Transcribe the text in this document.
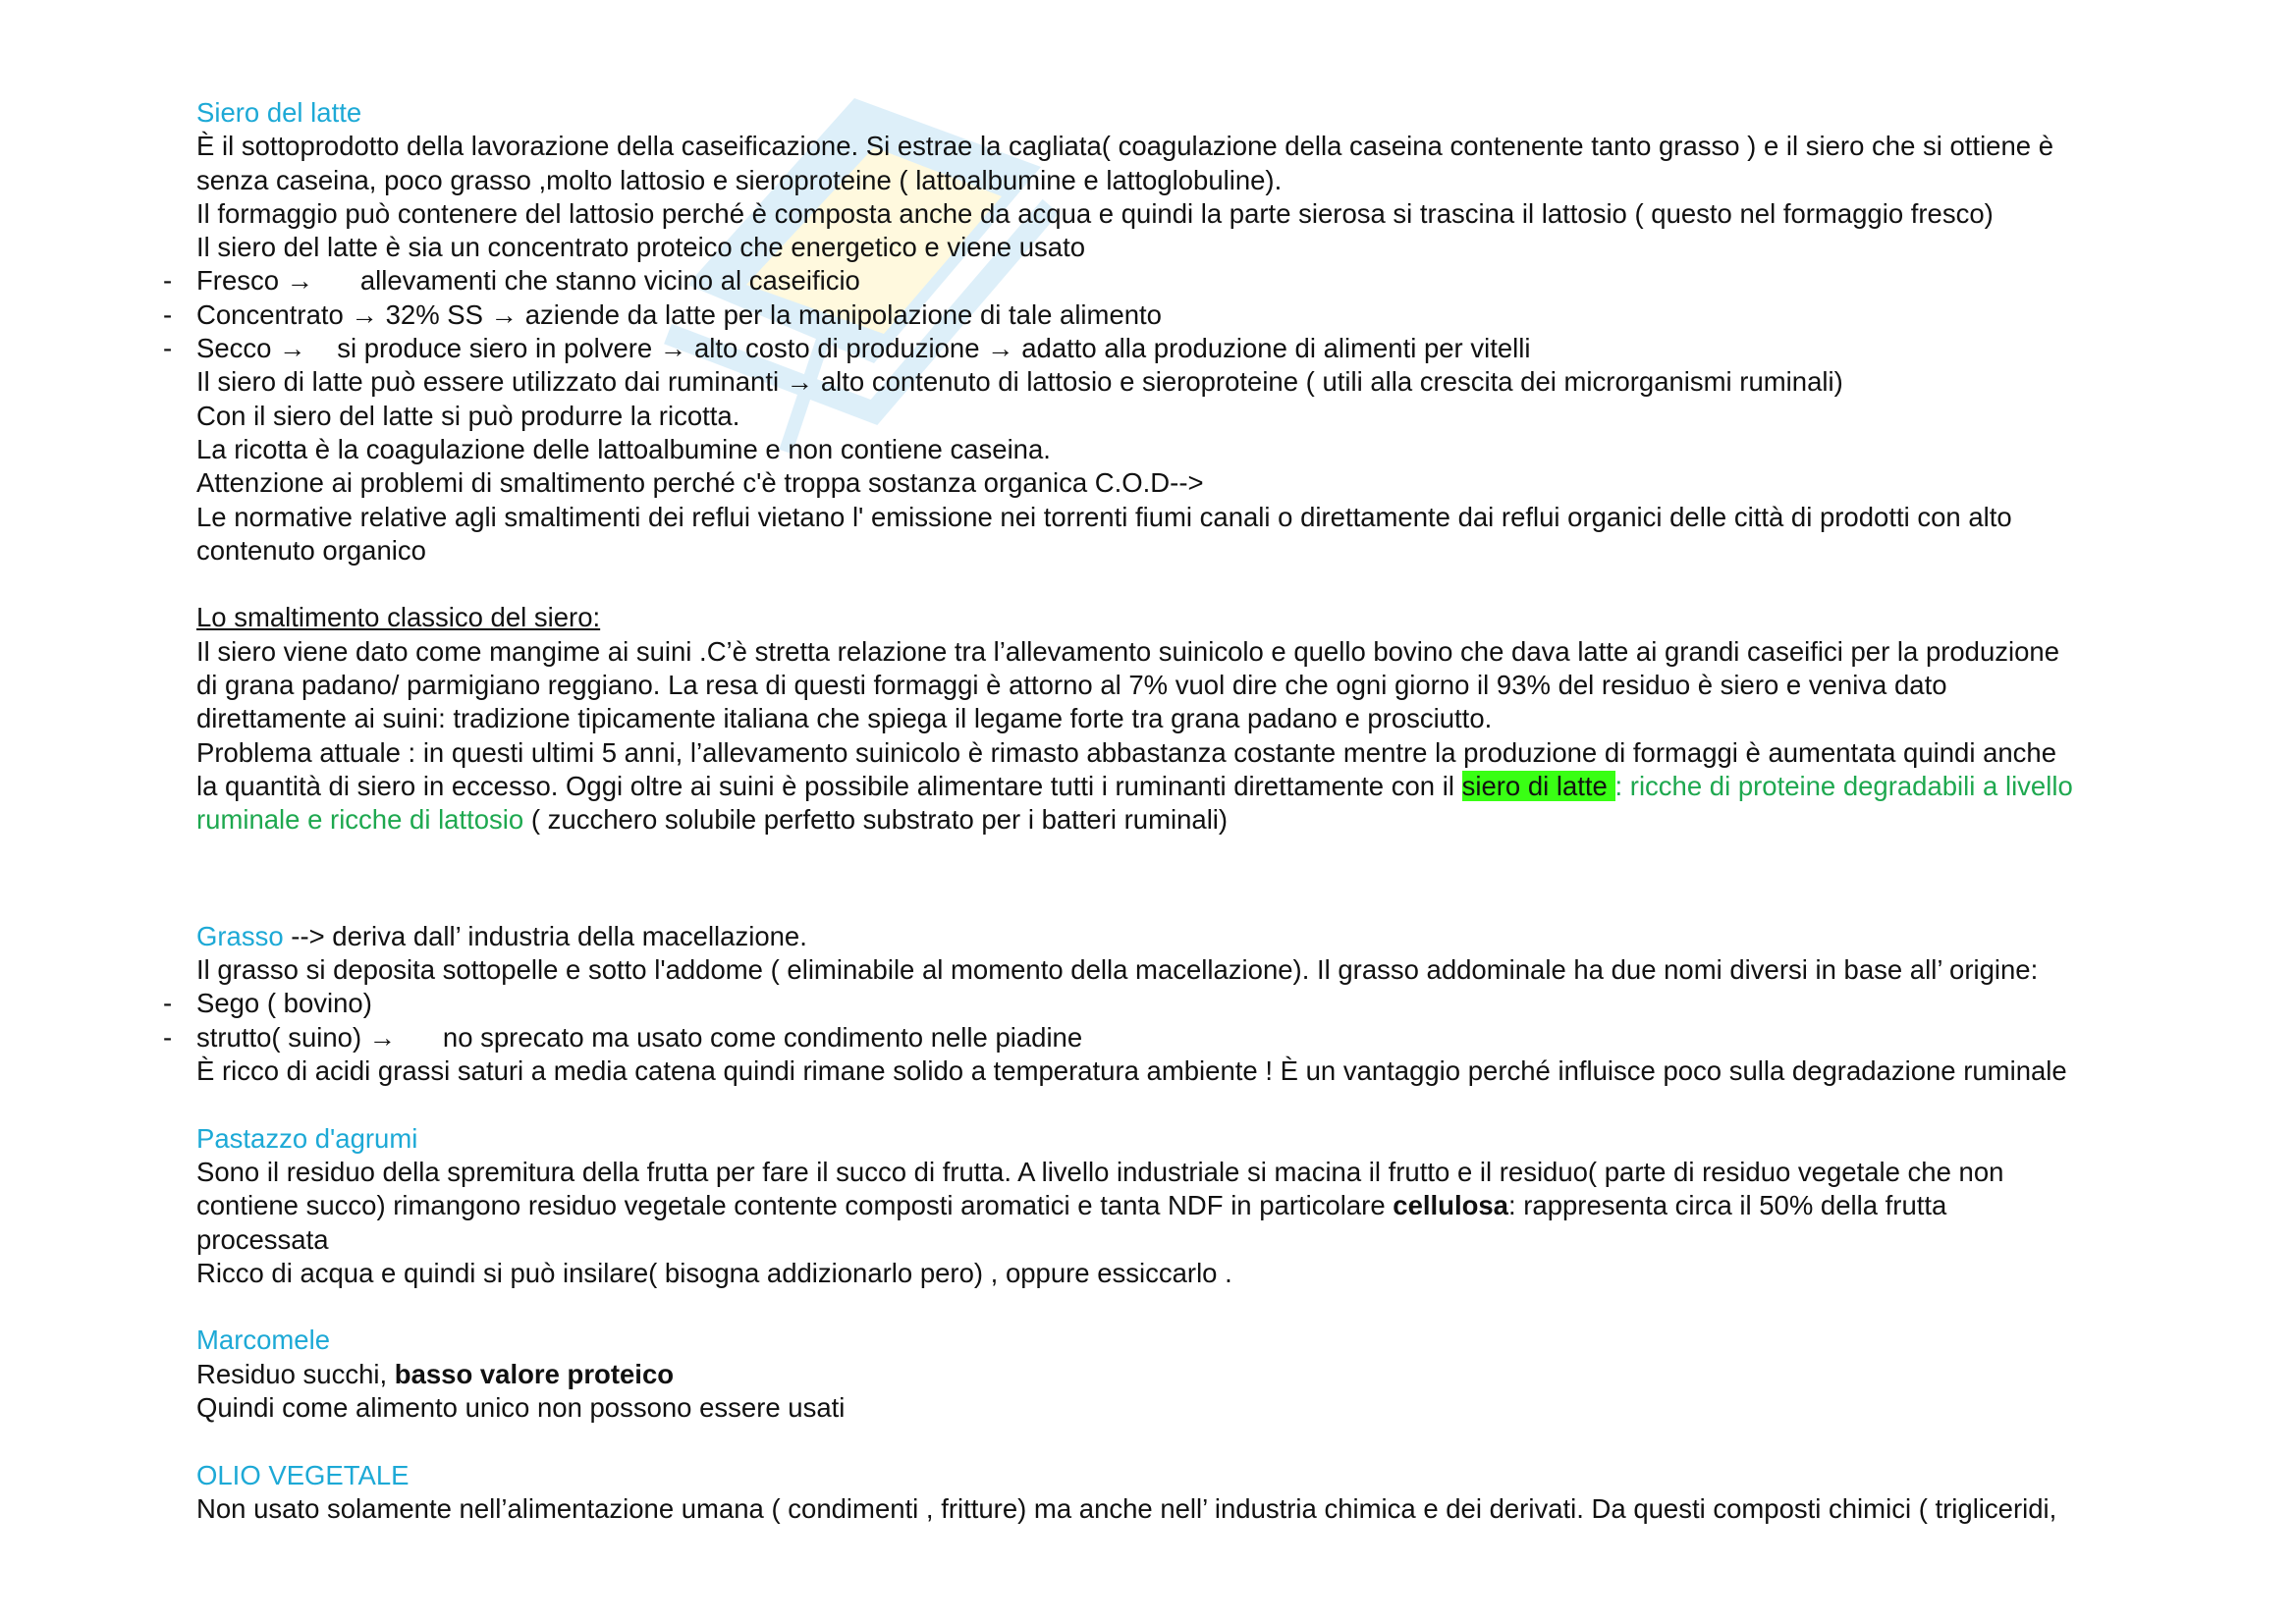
Siero del latte
È il sottoprodotto della lavorazione della caseificazione. Si estrae la cagliata( coagulazione della caseina contenente tanto grasso ) e il siero che si ottiene è
senza caseina, poco grasso ,molto lattosio e sieroproteine ( lattoalbumine e lattoglobuline).
Il formaggio può contenere del lattosio perché è composta anche da acqua e quindi la parte sierosa si trascina il lattosio ( questo nel formaggio fresco)
Il siero del latte è sia un concentrato proteico che energetico e viene usato
- Fresco → allevamenti che stanno vicino al caseificio
- Concentrato → 32% SS → aziende da latte per la manipolazione di tale alimento
- Secco → si produce siero in polvere → alto costo di produzione → adatto alla produzione di alimenti per vitelli
Il siero di latte può essere utilizzato dai ruminanti → alto contenuto di lattosio e sieroproteine ( utili alla crescita dei microrganismi ruminali)
Con il siero del latte si può produrre la ricotta.
La ricotta è la coagulazione delle lattoalbumine e non contiene caseina.
Attenzione ai problemi di smaltimento perché c'è troppa sostanza organica C.O.D-->
Le normative relative agli smaltimenti dei reflui vietano l' emissione nei torrenti fiumi canali o direttamente dai reflui organici delle città di prodotti con alto
contenuto organico
Lo smaltimento classico del siero:
Il siero viene dato come mangime ai suini .C’è stretta relazione tra l’allevamento suinicolo e quello bovino che dava latte ai grandi caseifici per la produzione
di grana padano/ parmigiano reggiano. La resa di questi formaggi è attorno al 7% vuol dire che ogni giorno il 93% del residuo è siero e veniva dato
direttamente ai suini: tradizione tipicamente italiana che spiega il legame forte tra grana padano e prosciutto.
Problema attuale : in questi ultimi 5 anni, l’allevamento suinicolo è rimasto abbastanza costante mentre la produzione di formaggi è aumentata quindi anche
la quantità di siero in eccesso. Oggi oltre ai suini è possibile alimentare tutti i ruminanti direttamente con il siero di latte : ricche di proteine degradabili a livello
ruminale e ricche di lattosio ( zucchero solubile perfetto substrato per i batteri ruminali)
Grasso --> deriva dall’ industria della macellazione.
Il grasso si deposita sottopelle e sotto l'addome ( eliminabile al momento della macellazione). Il grasso addominale ha due nomi diversi in base all’ origine:
- Sego ( bovino)
- strutto( suino) → no sprecato ma usato come condimento nelle piadine
È ricco di acidi grassi saturi a media catena quindi rimane solido a temperatura ambiente ! È un vantaggio perché influisce poco sulla degradazione ruminale
Pastazzo d'agrumi
Sono il residuo della spremitura della frutta per fare il succo di frutta. A livello industriale si macina il frutto e il residuo( parte di residuo vegetale che non
contiene succo) rimangono residuo vegetale contente composti aromatici e tanta NDF in particolare cellulosa: rappresenta circa il 50% della frutta
processata
Ricco di acqua e quindi si può insilare( bisogna addizionarlo pero) , oppure essiccarlo .
Marcomele
Residuo succhi, basso valore proteico
Quindi come alimento unico non possono essere usati
OLIO VEGETALE
Non usato solamente nell’alimentazione umana ( condimenti , fritture) ma anche nell’ industria chimica e dei derivati. Da questi composti chimici ( trigliceridi,
